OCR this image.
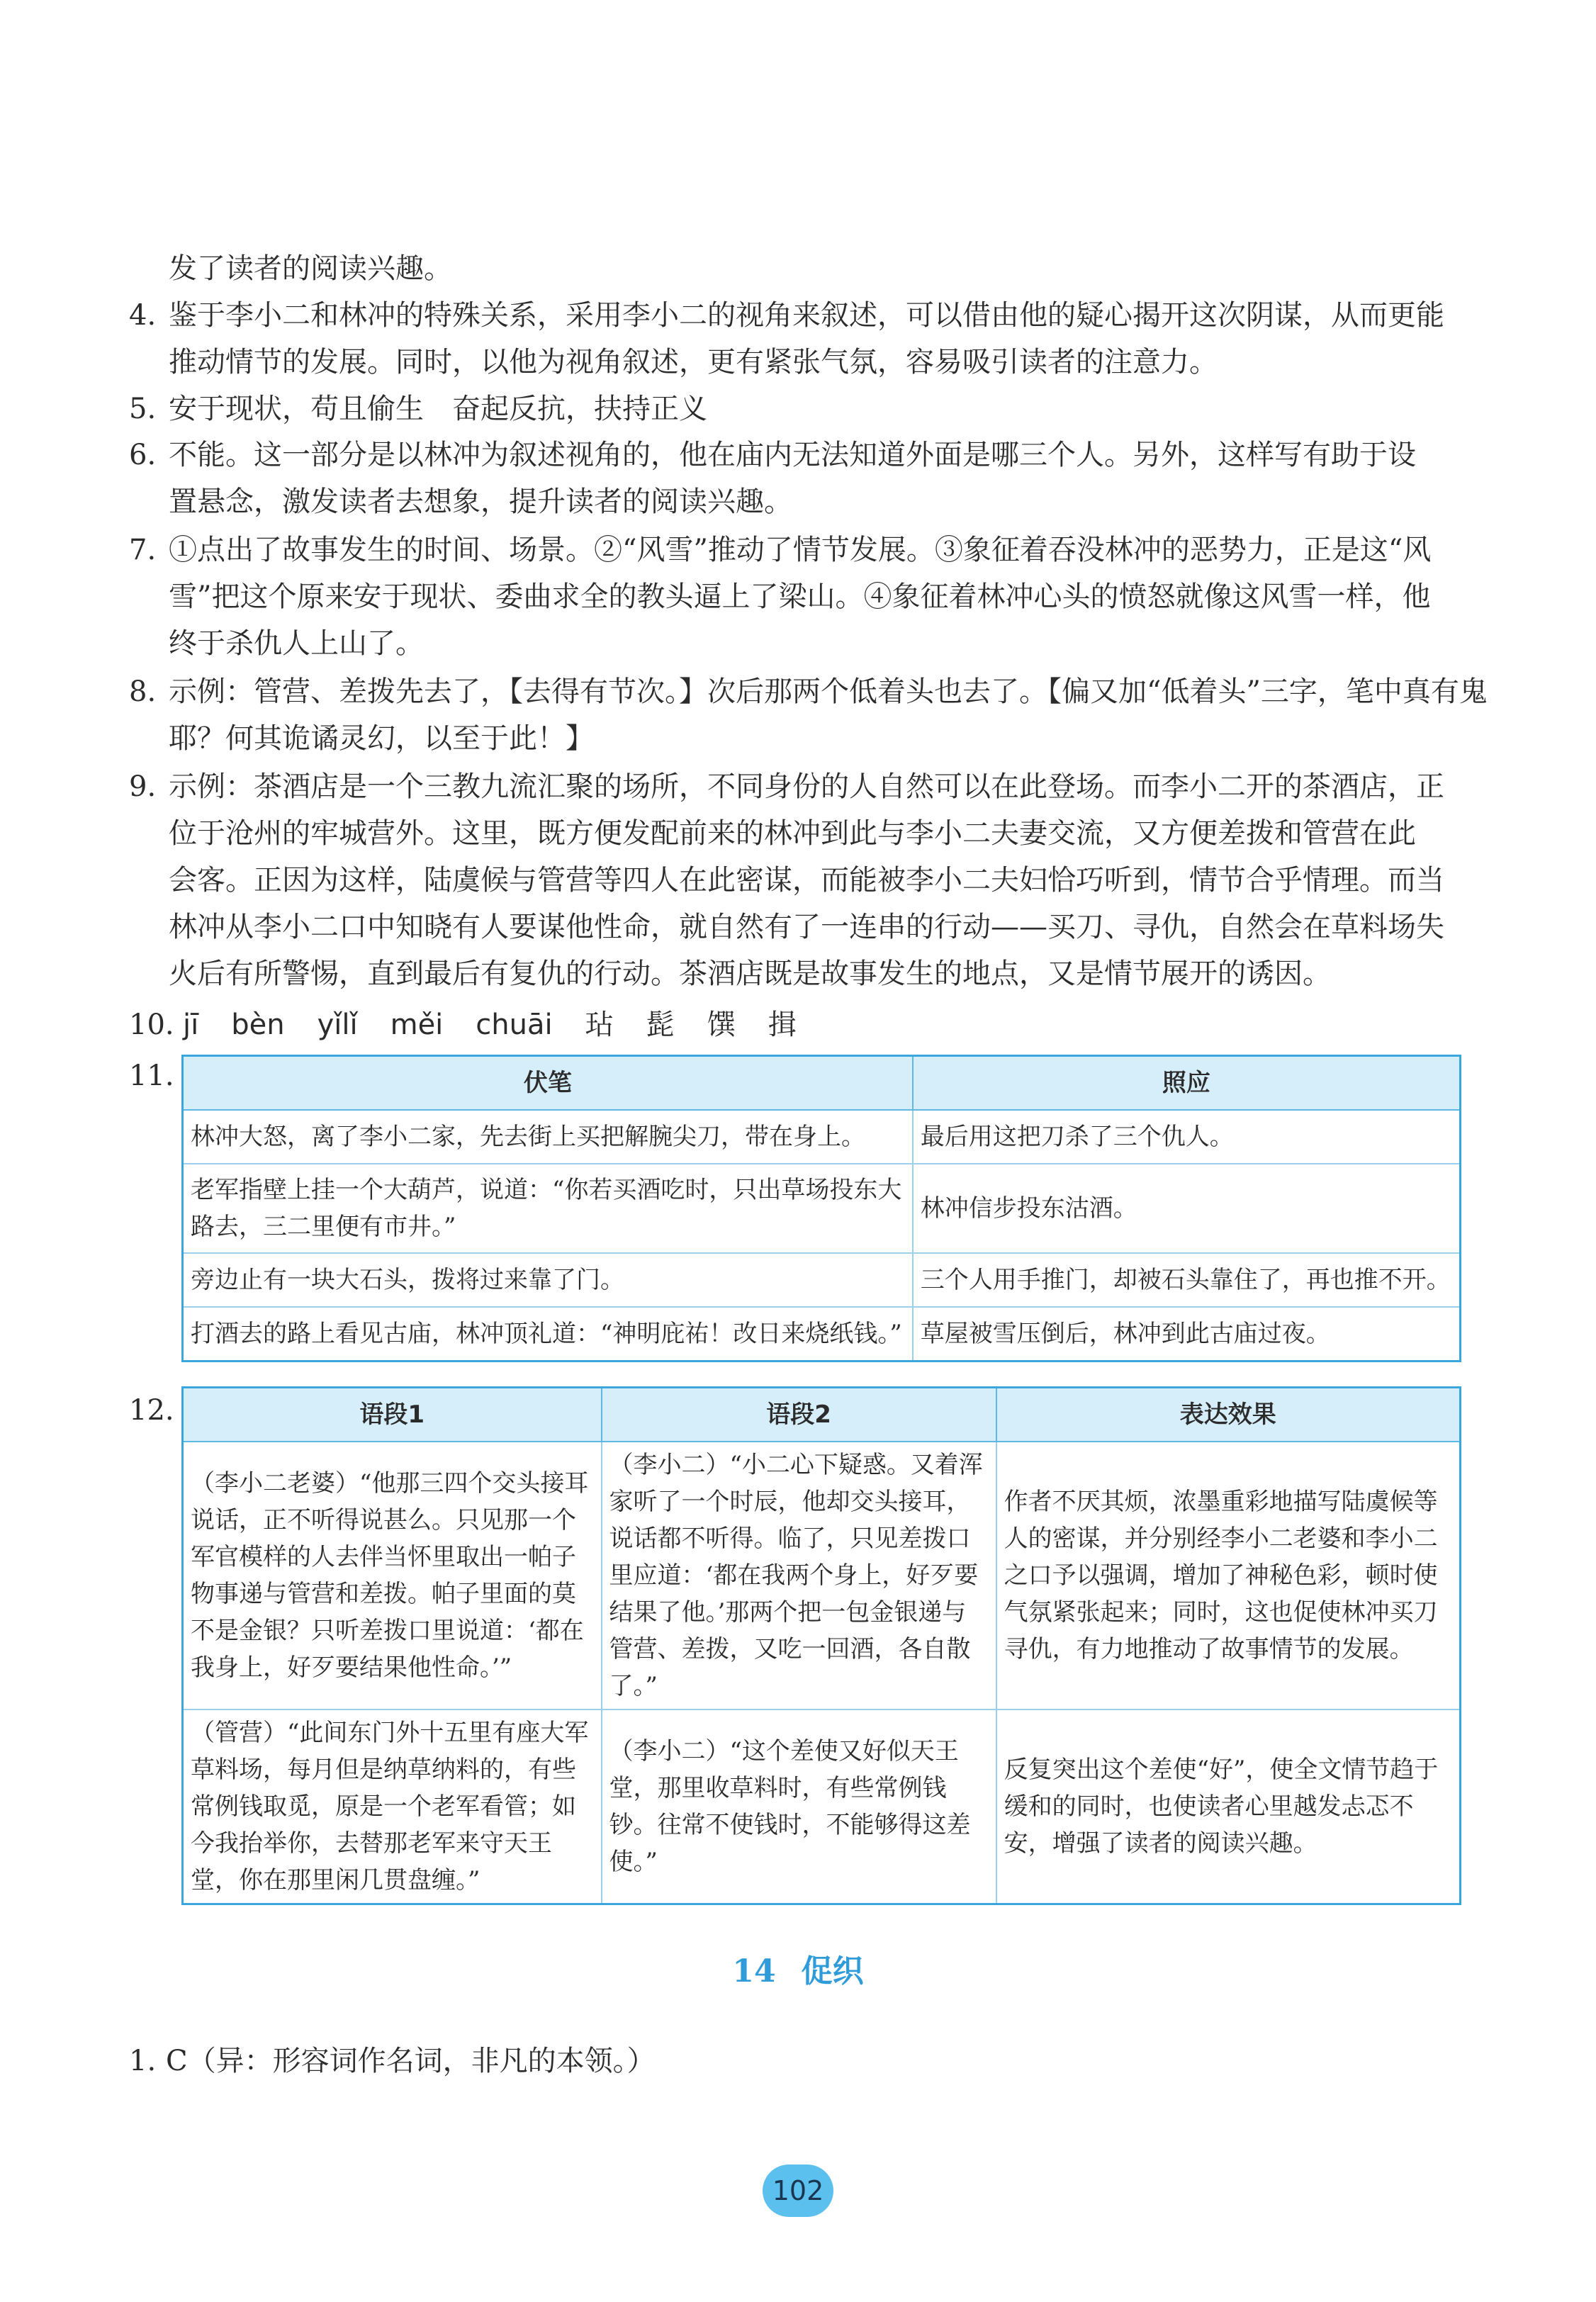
发了读者的阅读兴趣。
4. 鉴于李小二和林冲的特殊关系，采用李小二的视角来叙述，可以借由他的疑心揭开这次阴谋，从而更能
推动情节的发展。同时，以他为视角叙述，更有紧张气氛，容易吸引读者的注意力。
5. 安于现状，苟且偷生　奋起反抗，扶持正义
6. 不能。这一部分是以林冲为叙述视角的，他在庙内无法知道外面是哪三个人。另外，这样写有助于设
置悬念，激发读者去想象，提升读者的阅读兴趣。
7. ①点出了故事发生的时间、场景。②“风雪”推动了情节发展。③象征着吞没林冲的恶势力，正是这“风
雪”把这个原来安于现状、委曲求全的教头逼上了梁山。④象征着林冲心头的愤怒就像这风雪一样，他
终于杀仇人上山了。
8. 示例：管营、差拨先去了，【去得有节次。】次后那两个低着头也去了。【偏又加“低着头”三字，笔中真有鬼
耶？何其诡谲灵幻，以至于此！】
9. 示例：茶酒店是一个三教九流汇聚的场所，不同身份的人自然可以在此登场。而李小二开的茶酒店，正
位于沧州的牢城营外。这里，既方便发配前来的林冲到此与李小二夫妻交流，又方便差拨和管营在此
会客。正因为这样，陆虞候与管营等四人在此密谋，而能被李小二夫妇恰巧听到，情节合乎情理。而当
林冲从李小二口中知晓有人要谋他性命，就自然有了一连串的行动——买刀、寻仇，自然会在草料场失
火后有所警惕，直到最后有复仇的行动。茶酒店既是故事发生的地点，又是情节展开的诱因。
10. jī bèn yǐlǐ měi chuāi 玷 髭 馔 揖
11.	伏笔	照应
林冲大怒，离了李小二家，先去街上买把解腕尖刀，带在身上。	最后用这把刀杀了三个仇人。
老军指壁上挂一个大葫芦，说道：“你若买酒吃时，只出草场投东大路去，三二里便有市井。”	林冲信步投东沽酒。
旁边止有一块大石头，拨将过来靠了门。	三个人用手推门，却被石头靠住了，再也推不开。
打酒去的路上看见古庙，林冲顶礼道：“神明庇祐！改日来烧纸钱。”	草屋被雪压倒后，林冲到此古庙过夜。
12.	语段1	语段2	表达效果
（李小二老婆）“他那三四个交头接耳说话，正不听得说甚么。只见那一个军官模样的人去伴当怀里取出一帕子物事递与管营和差拨。帕子里面的莫不是金银？只听差拨口里说道：‘都在我身上，好歹要结果他性命。’”	（李小二）“小二心下疑惑。又着浑家听了一个时辰，他却交头接耳，说话都不听得。临了，只见差拨口里应道：‘都在我两个身上，好歹要结果了他。’那两个把一包金银递与管营、差拨，又吃一回酒，各自散了。”	作者不厌其烦，浓墨重彩地描写陆虞候等人的密谋，并分别经李小二老婆和李小二之口予以强调，增加了神秘色彩，顿时使气氛紧张起来；同时，这也促使林冲买刀寻仇，有力地推动了故事情节的发展。
（管营）“此间东门外十五里有座大军草料场，每月但是纳草纳料的，有些常例钱取觅，原是一个老军看管；如今我抬举你，去替那老军来守天王堂，你在那里闲几贯盘缠。”	（李小二）“这个差使又好似天王堂，那里收草料时，有些常例钱钞。往常不使钱时，不能够得这差使。”	反复突出这个差使“好”，使全文情节趋于缓和的同时，也使读者心里越发忐忑不安，增强了读者的阅读兴趣。
14 促织
1. C（异：形容词作名词，非凡的本领。）
102
